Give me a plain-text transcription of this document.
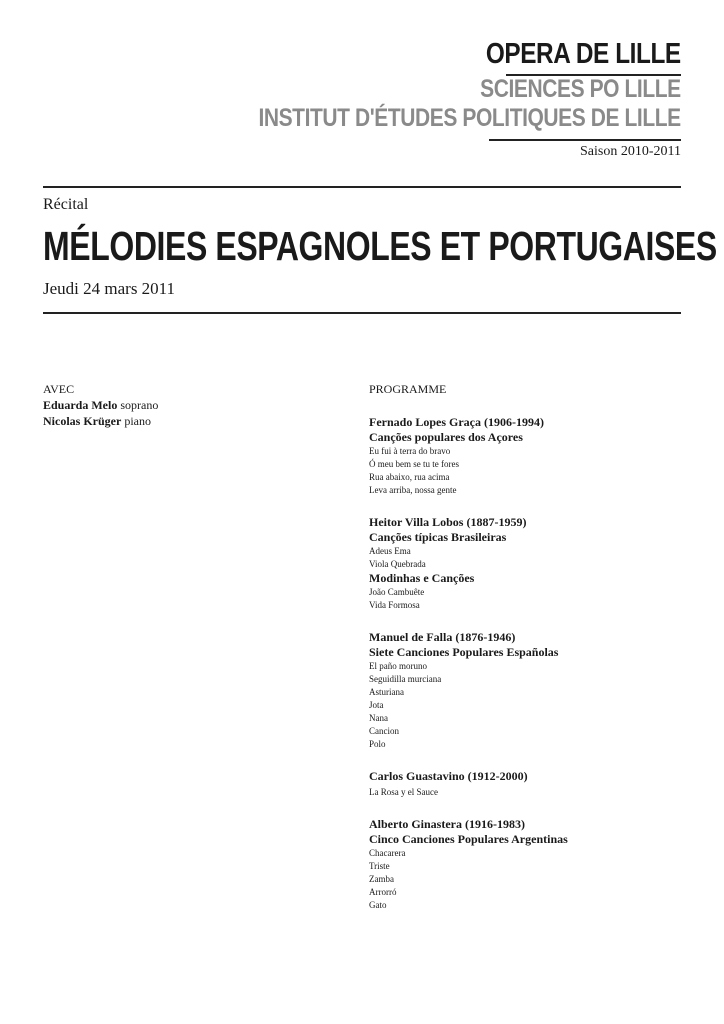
OPERA DE LILLE
SCIENCES PO LILLE
INSTITUT D'ÉTUDES POLITIQUES DE LILLE
Saison 2010-2011
Récital
MÉLODIES ESPAGNOLES ET PORTUGAISES
Jeudi 24 mars 2011
AVEC
Eduarda Melo soprano
Nicolas Krüger piano
PROGRAMME
Fernado Lopes Graça (1906-1994)
Canções populares dos Açores
Eu fui à terra do bravo
Ó meu bem se tu te fores
Rua abaixo, rua acima
Leva arriba, nossa gente
Heitor Villa Lobos (1887-1959)
Canções típicas Brasileiras
Adeus Ema
Viola Quebrada
Modinhas e Canções
João Cambuête
Vida Formosa
Manuel de Falla (1876-1946)
Siete Canciones Populares Españolas
El paño moruno
Seguidilla murciana
Asturiana
Jota
Nana
Cancion
Polo
Carlos Guastavino (1912-2000)
La Rosa y el Sauce
Alberto Ginastera (1916-1983)
Cinco Canciones Populares Argentinas
Chacarera
Triste
Zamba
Arrorró
Gato
